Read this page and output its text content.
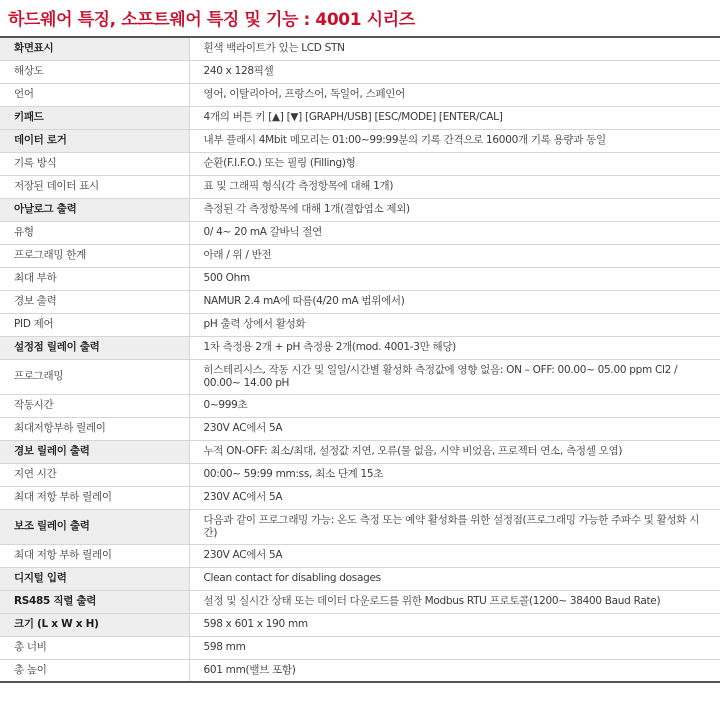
하드웨어 특징, 소프트웨어 특징 및 기능 : 4001 시리즈
화면표시	흰색 백라이트가 있는 LCD STN
해상도	240 x 128픽셀
언어	영어, 이탈리아어, 프랑스어, 독일어, 스페인어
키패드	4개의 버튼 키 [▲] [▼] [GRAPH/USB] [ESC/MODE] [ENTER/CAL]
데이터 로거	내부 플래시 4Mbit 메모리는 01:00~99:99분의 기록 간격으로 16000개 기록 용량과 동일
기록 방식	순환(F.I.F.O.) 또는 필링 (Filling)형
저장된 데이터 표시	표 및 그래픽 형식(각 측정항목에 대해 1개)
아날로그 출력	측정된 각 측정항목에 대해 1개(결합염소 제외)
유형	0/ 4~ 20 mA 갈바닉 절연
프로그래밍 한계	아래 / 위 / 반전
최대 부하	500 Ohm
경보 출력	NAMUR 2.4 mA에 따름(4/20 mA 범위에서)
PID 제어	pH 출력 상에서 활성화
설정점 릴레이 출력	1차 측정용 2개 + pH 측정용 2개(mod. 4001-3만 해당)
프로그래밍	히스테리시스, 작동 시간 및 일일/시간별 활성화 측정값에 영향 없음: ON – OFF: 00.00~ 05.00 ppm Cl2 / 00.00~ 14.00 pH
작동시간	0~999초
최대저항부하 릴레이	230V AC에서 5A
경보 릴레이 출력	누적 ON-OFF: 최소/최대, 설정값 지연, 오류(물 없음, 시약 비었음, 프로젝터 연소, 측정셀 오염)
지연 시간	00:00~ 59:99 mm:ss, 최소 단계 15초
최대 저항 부하 릴레이	230V AC에서 5A
보조 릴레이 출력	다음과 같이 프로그래밍 가능: 온도 측정 또는 예약 활성화를 위한 설정점(프로그래밍 가능한 주파수 및 활성화 시간)
최대 저항 부하 릴레이	230V AC에서 5A
디지털 입력	Clean contact for disabling dosages
RS485 직렬 출력	설정 및 실시간 상태 또는 데이터 다운로드를 위한 Modbus RTU 프로토콜(1200~ 38400 Baud Rate)
크기 (L x W x H)	598 x 601 x 190 mm
총 너비	598 mm
총 높이	601 mm(밸브 포함)
